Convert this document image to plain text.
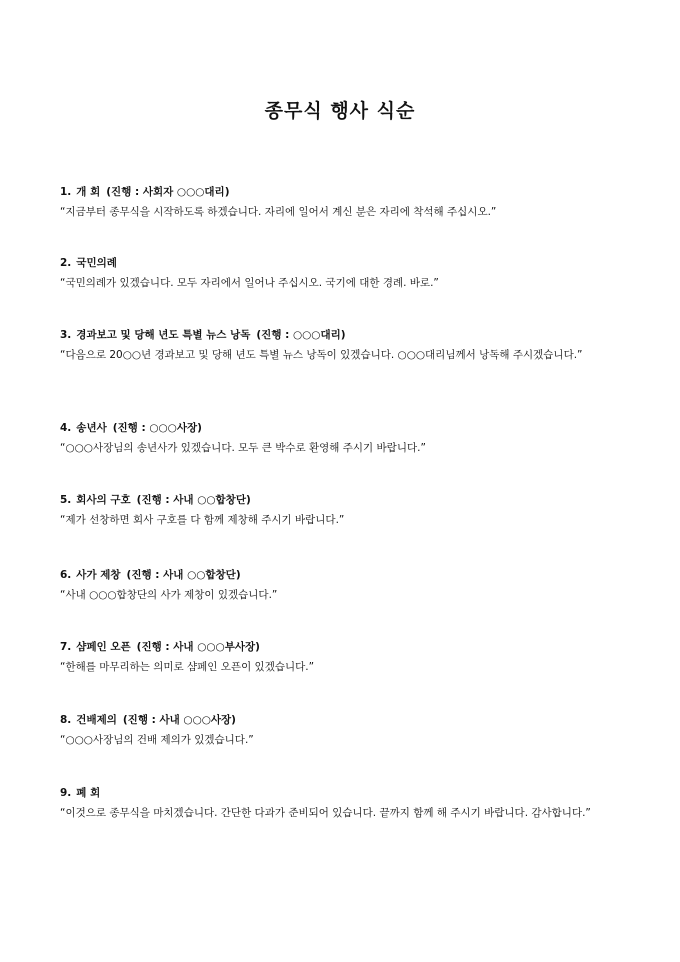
종무식 행사 식순
1. 개 회 (진행 : 사회자 ○○○대리)
“지금부터 종무식을 시작하도록 하겠습니다. 자리에 일어서 계신 분은 자리에 착석해 주십시오.”
2. 국민의례
“국민의례가 있겠습니다. 모두 자리에서 일어나 주십시오. 국기에 대한 경례. 바로.”
3. 경과보고 및 당해 년도 특별 뉴스 낭독 (진행 : ○○○대리)
“다음으로 20○○년 경과보고 및 당해 년도 특별 뉴스 낭독이 있겠습니다. ○○○대리님께서 낭독해 주시겠습니다.”
4. 송년사 (진행 : ○○○사장)
“○○○사장님의 송년사가 있겠습니다. 모두 큰 박수로 환영해 주시기 바랍니다.”
5. 회사의 구호 (진행 : 사내 ○○합창단)
“제가 선창하면 회사 구호를 다 함께 제창해 주시기 바랍니다.”
6. 사가 제창 (진행 : 사내 ○○합창단)
“사내 ○○○합창단의 사가 제창이 있겠습니다.”
7. 샴페인 오픈 (진행 : 사내 ○○○부사장)
“한해를 마무리하는 의미로 샴페인 오픈이 있겠습니다.”
8. 건배제의 (진행 : 사내 ○○○사장)
“○○○사장님의 건배 제의가 있겠습니다.”
9. 폐 회
“이것으로 종무식을 마치겠습니다. 간단한 다과가 준비되어 있습니다. 끝까지 함께 해 주시기 바랍니다. 감사합니다.”
